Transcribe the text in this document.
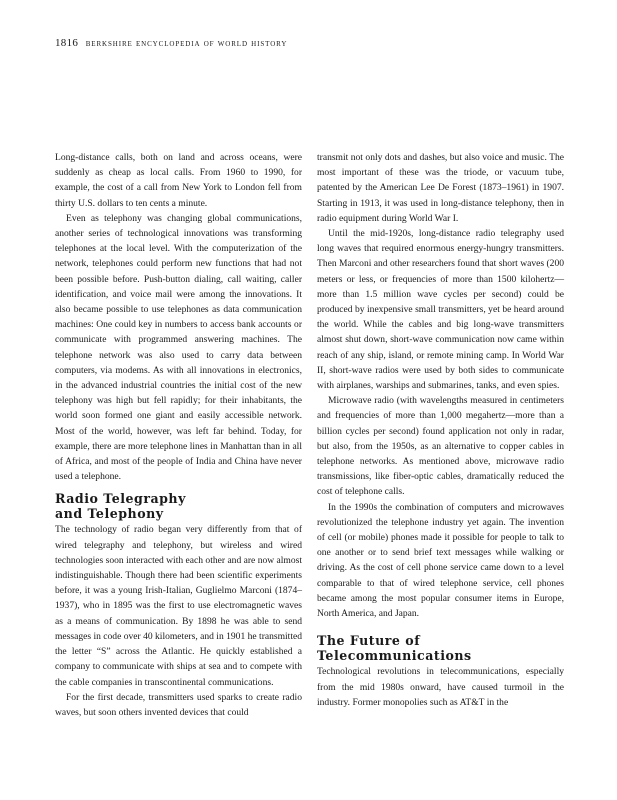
1816 berkshire encyclopedia of world history

Long-distance calls, both on land and across oceans, were suddenly as cheap as local calls. From 1960 to 1990, for example, the cost of a call from New York to London fell from thirty U.S. dollars to ten cents a minute.

Even as telephony was changing global communications, another series of technological innovations was transforming telephones at the local level. With the computerization of the network, telephones could perform new functions that had not been possible before. Push-button dialing, call waiting, caller identification, and voice mail were among the innovations. It also became possible to use telephones as data communication machines: One could key in numbers to access bank accounts or communicate with programmed answering machines. The telephone network was also used to carry data between computers, via modems. As with all innovations in electronics, in the advanced industrial countries the initial cost of the new telephony was high but fell rapidly; for their inhabitants, the world soon formed one giant and easily accessible network. Most of the world, however, was left far behind. Today, for example, there are more telephone lines in Manhattan than in all of Africa, and most of the people of India and China have never used a telephone.

Radio Telegraphy
and Telephony

The technology of radio began very differently from that of wired telegraphy and telephony, but wireless and wired technologies soon interacted with each other and are now almost indistinguishable. Though there had been scientific experiments before, it was a young Irish-Italian, Guglielmo Marconi (1874–1937), who in 1895 was the first to use electromagnetic waves as a means of communication. By 1898 he was able to send messages in code over 40 kilometers, and in 1901 he transmitted the letter “S” across the Atlantic. He quickly established a company to communicate with ships at sea and to compete with the cable companies in transcontinental communications.

For the first decade, transmitters used sparks to create radio waves, but soon others invented devices that could

transmit not only dots and dashes, but also voice and music. The most important of these was the triode, or vacuum tube, patented by the American Lee De Forest (1873–1961) in 1907. Starting in 1913, it was used in long-distance telephony, then in radio equipment during World War I.

Until the mid-1920s, long-distance radio telegraphy used long waves that required enormous energy-hungry transmitters. Then Marconi and other researchers found that short waves (200 meters or less, or frequencies of more than 1500 kilohertz—more than 1.5 million wave cycles per second) could be produced by inexpensive small transmitters, yet be heard around the world. While the cables and big long-wave transmitters almost shut down, short-wave communication now came within reach of any ship, island, or remote mining camp. In World War II, short-wave radios were used by both sides to communicate with airplanes, warships and submarines, tanks, and even spies.

Microwave radio (with wavelengths measured in centimeters and frequencies of more than 1,000 megahertz—more than a billion cycles per second) found application not only in radar, but also, from the 1950s, as an alternative to copper cables in telephone networks. As mentioned above, microwave radio transmissions, like fiber-optic cables, dramatically reduced the cost of telephone calls.

In the 1990s the combination of computers and microwaves revolutionized the telephone industry yet again. The invention of cell (or mobile) phones made it possible for people to talk to one another or to send brief text messages while walking or driving. As the cost of cell phone service came down to a level comparable to that of wired telephone service, cell phones became among the most popular consumer items in Europe, North America, and Japan.

The Future of
Telecommunications

Technological revolutions in telecommunications, especially from the mid 1980s onward, have caused turmoil in the industry. Former monopolies such as AT&T in the
